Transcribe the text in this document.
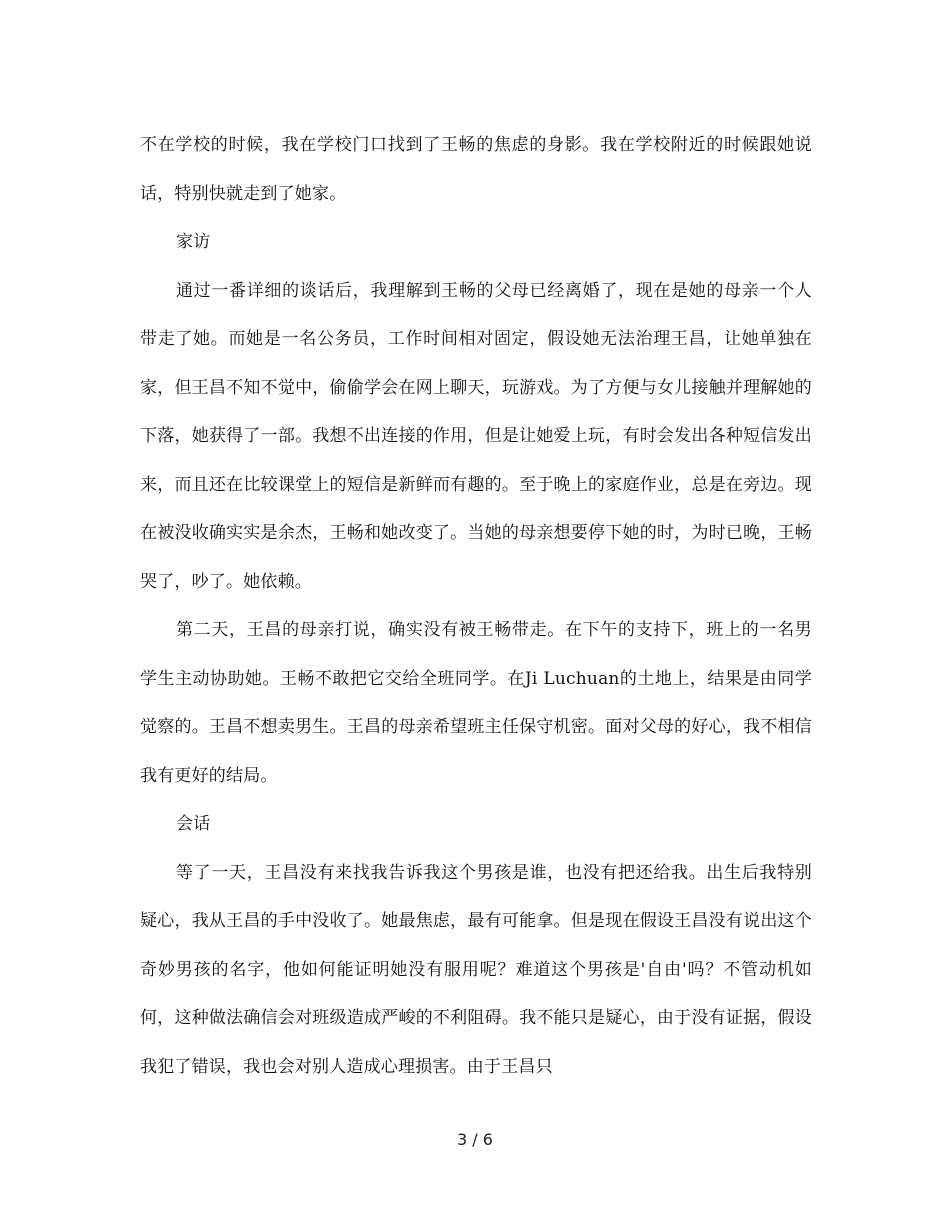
不在学校的时候，我在学校门口找到了王畅的焦虑的身影。我在学校附近的时候跟她说话，特别快就走到了她家。

家访

通过一番详细的谈话后，我理解到王畅的父母已经离婚了，现在是她的母亲一个人带走了她。而她是一名公务员，工作时间相对固定，假设她无法治理王昌，让她单独在家，但王昌不知不觉中，偷偷学会在网上聊天，玩游戏。为了方便与女儿接触并理解她的下落，她获得了一部。我想不出连接的作用，但是让她爱上玩，有时会发出各种短信发出来，而且还在比较课堂上的短信是新鲜而有趣的。至于晚上的家庭作业，总是在旁边。现在被没收确实实是余杰，王畅和她改变了。当她的母亲想要停下她的时，为时已晚，王畅哭了，吵了。她依赖。

第二天，王昌的母亲打说，确实没有被王畅带走。在下午的支持下，班上的一名男学生主动协助她。王畅不敢把它交给全班同学。在Ji Luchuan的土地上，结果是由同学觉察的。王昌不想卖男生。王昌的母亲希望班主任保守机密。面对父母的好心，我不相信我有更好的结局。

会话

等了一天，王昌没有来找我告诉我这个男孩是谁，也没有把还给我。出生后我特别疑心，我从王昌的手中没收了。她最焦虑，最有可能拿。但是现在假设王昌没有说出这个奇妙男孩的名字，他如何能证明她没有服用呢？难道这个男孩是'自由'吗？不管动机如何，这种做法确信会对班级造成严峻的不利阻碍。我不能只是疑心，由于没有证据，假设我犯了错误，我也会对别人造成心理损害。由于王昌只

3 / 6
